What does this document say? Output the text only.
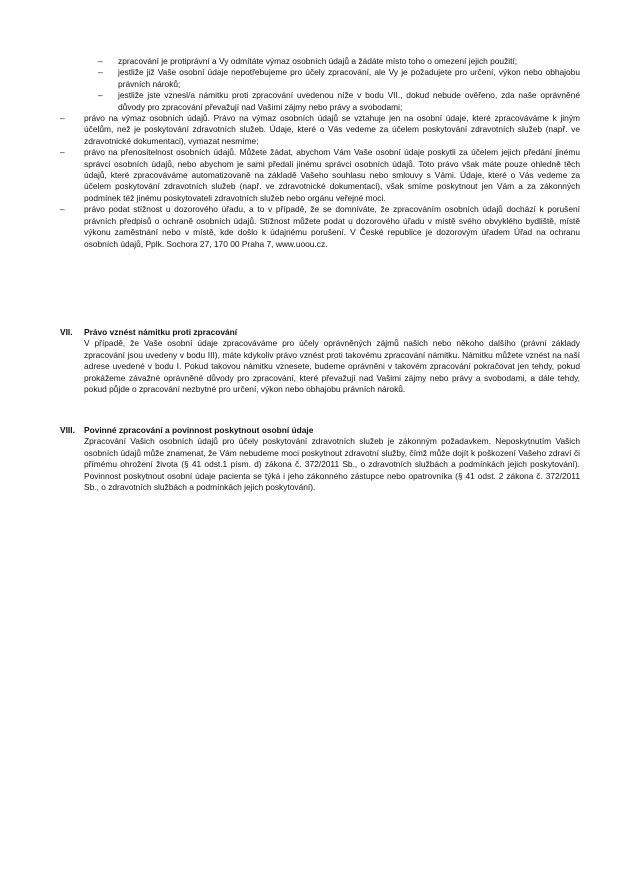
– zpracování je protiprávní a Vy odmítáte výmaz osobních údajů a žádáte místo toho o omezení jejich použití;
– jestliže již Vaše osobní údaje nepotřebujeme pro účely zpracování, ale Vy je požadujete pro určení, výkon nebo obhajobu právních nároků;
– jestliže jste vznesl/a námitku proti zpracování uvedenou níže v bodu VII., dokud nebude ověřeno, zda naše oprávněné důvody pro zpracování převažují nad Vašimi zájmy nebo právy a svobodami;
– právo na výmaz osobních údajů. Právo na výmaz osobních údajů se vztahuje jen na osobní údaje, které zpracováváme k jiným účelům, než je poskytování zdravotních služeb. Údaje, které o Vás vedeme za účelem poskytování zdravotních služeb (např. ve zdravotnické dokumentaci), vymazat nesmíme;
– právo na přenositelnost osobních údajů. Můžete žádat, abychom Vám Vaše osobní údaje poskytli za účelem jejich předání jinému správci osobních údajů, nebo abychom je sami předali jinému správci osobních údajů. Toto právo však máte pouze ohledně těch údajů, které zpracováváme automatizovaně na základě Vašeho souhlasu nebo smlouvy s Vámi. Údaje, které o Vás vedeme za účelem poskytování zdravotních služeb (např. ve zdravotnické dokumentaci), však smíme poskytnout jen Vám a za zákonných podmínek též jinému poskytovateli zdravotních služeb nebo orgánu veřejné moci.
– právo podat stížnost u dozorového úřadu, a to v případě, že se domníváte, že zpracováním osobních údajů dochází k porušení právních předpisů o ochraně osobních údajů. Stížnost můžete podat u dozorového úřadu v místě svého obvyklého bydliště, místě výkonu zaměstnání nebo v místě, kde došlo k údajnému porušení. V České republice je dozorovým úřadem Úřad na ochranu osobních údajů, Pplk. Sochora 27, 170 00 Praha 7, www.uoou.cz.
VII. Právo vznést námitku proti zpracování
V případě, že Vaše osobní údaje zpracováváme pro účely oprávněných zájmů našich nebo někoho dalšího (právní základy zpracování jsou uvedeny v bodu III), máte kdykoliv právo vznést proti takovému zpracování námitku. Námitku můžete vznést na naší adrese uvedené v bodu I. Pokud takovou námitku vznesete, budeme oprávněni v takovém zpracování pokračovat jen tehdy, pokud prokážeme závažné oprávněné důvody pro zpracování, které převažují nad Vašimi zájmy nebo právy a svobodami, a dále tehdy, pokud půjde o zpracování nezbytné pro určení, výkon nebo obhajobu právních nároků.
VIII. Povinné zpracování a povinnost poskytnout osobní údaje
Zpracování Vašich osobních údajů pro účely poskytování zdravotních služeb je zákonným požadavkem. Neposkytnutím Vašich osobních údajů může znamenat, že Vám nebudeme moci poskytnout zdravotní služby, čímž může dojít k poškození Vašeho zdraví či přímému ohrožení života (§ 41 odst.1 písm. d) zákona č. 372/2011 Sb., o zdravotních službách a podmínkách jejich poskytování). Povinnost poskytnout osobní údaje pacienta se týká i jeho zákonného zástupce nebo opatrovníka (§ 41 odst. 2 zákona č. 372/2011 Sb., o zdravotních službách a podmínkách jejich poskytování).
